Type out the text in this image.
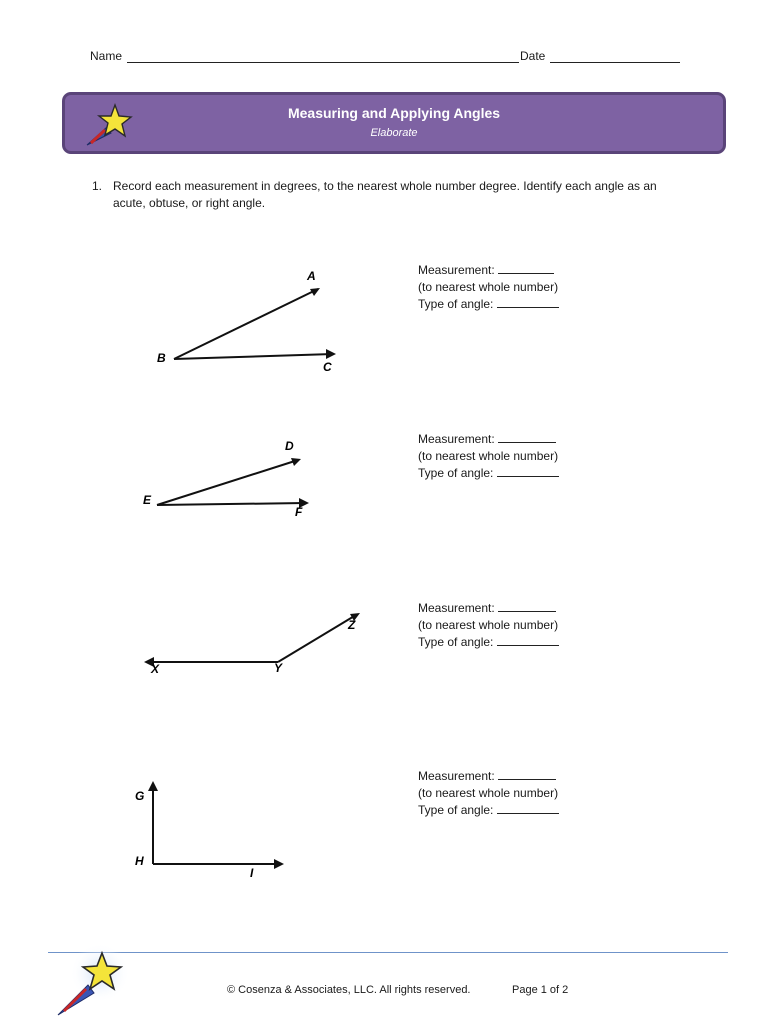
Name	Date
Measuring and Applying Angles
Elaborate
1. Record each measurement in degrees, to the nearest whole number degree. Identify each angle as an acute, obtuse, or right angle.
A
B
C
Measurement:
(to nearest whole number)
Type of angle:
D
E
F
Measurement:
(to nearest whole number)
Type of angle:
Z
Y
X
Measurement:
(to nearest whole number)
Type of angle:
G
H
I
Measurement:
(to nearest whole number)
Type of angle:
© Cosenza & Associates, LLC. All rights reserved.	Page 1 of 2
